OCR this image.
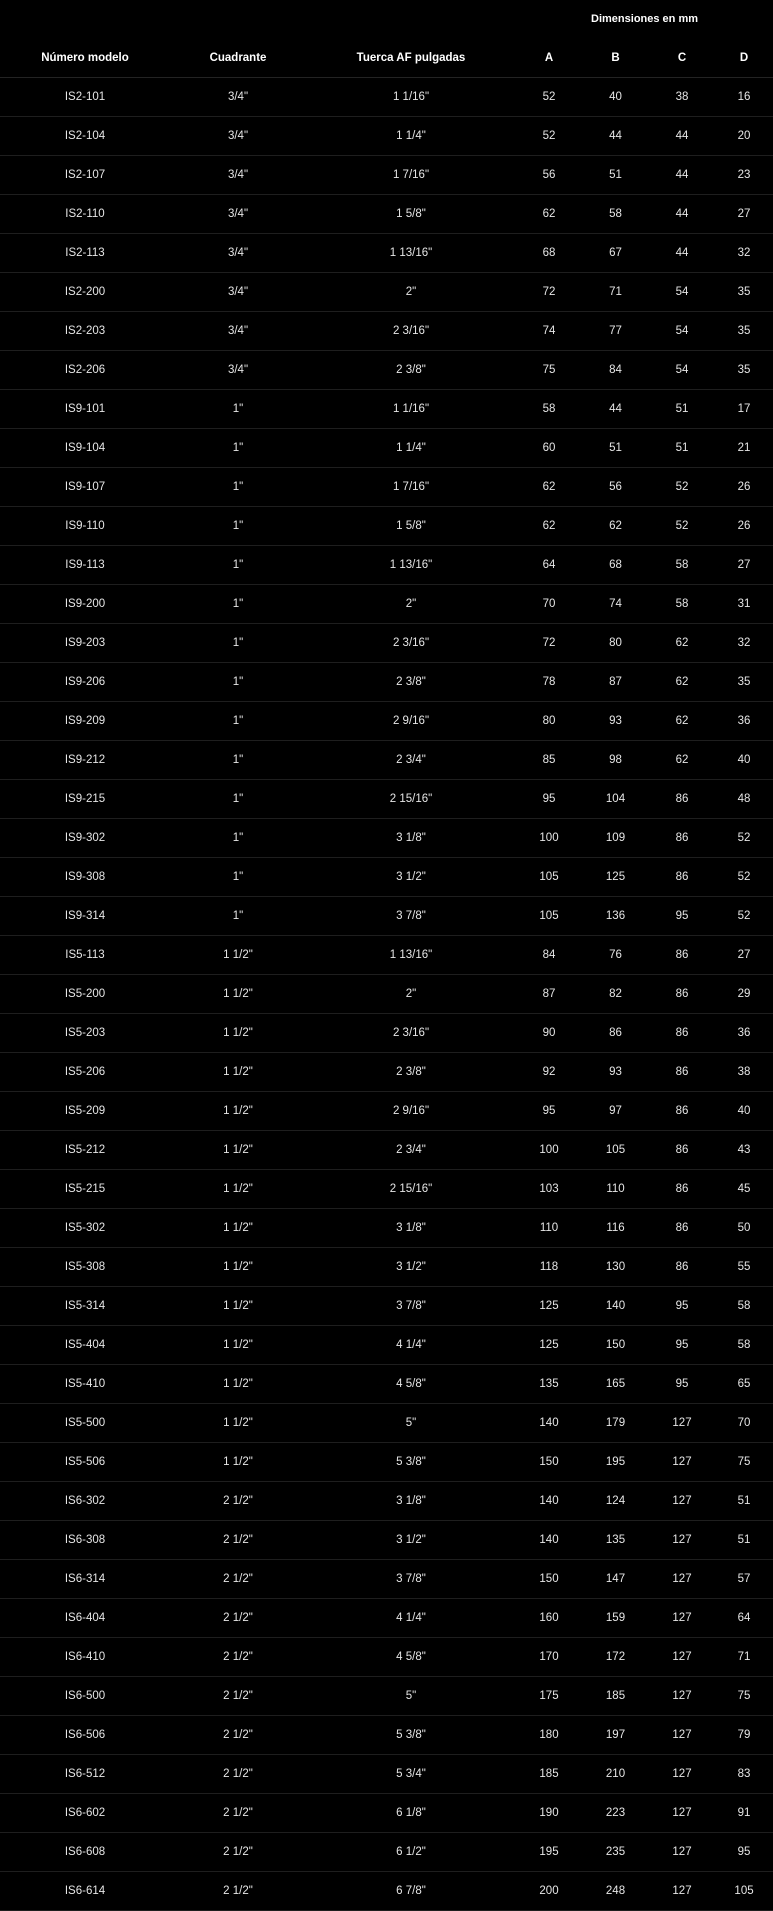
			Dimensiones en mm			
Número modelo	Cuadrante	Tuerca AF pulgadas	A	B	C	D
IS2-101	3/4"	1 1/16"	52	40	38	16
IS2-104	3/4"	1 1/4"	52	44	44	20
IS2-107	3/4"	1 7/16"	56	51	44	23
IS2-110	3/4"	1 5/8"	62	58	44	27
IS2-113	3/4"	1 13/16"	68	67	44	32
IS2-200	3/4"	2"	72	71	54	35
IS2-203	3/4"	2 3/16"	74	77	54	35
IS2-206	3/4"	2 3/8"	75	84	54	35
IS9-101	1"	1 1/16"	58	44	51	17
IS9-104	1"	1 1/4"	60	51	51	21
IS9-107	1"	1 7/16"	62	56	52	26
IS9-110	1"	1 5/8"	62	62	52	26
IS9-113	1"	1 13/16"	64	68	58	27
IS9-200	1"	2"	70	74	58	31
IS9-203	1"	2 3/16"	72	80	62	32
IS9-206	1"	2 3/8"	78	87	62	35
IS9-209	1"	2 9/16"	80	93	62	36
IS9-212	1"	2 3/4"	85	98	62	40
IS9-215	1"	2 15/16"	95	104	86	48
IS9-302	1"	3 1/8"	100	109	86	52
IS9-308	1"	3 1/2"	105	125	86	52
IS9-314	1"	3 7/8"	105	136	95	52
IS5-113	1 1/2"	1 13/16"	84	76	86	27
IS5-200	1 1/2"	2"	87	82	86	29
IS5-203	1 1/2"	2 3/16"	90	86	86	36
IS5-206	1 1/2"	2 3/8"	92	93	86	38
IS5-209	1 1/2"	2 9/16"	95	97	86	40
IS5-212	1 1/2"	2 3/4"	100	105	86	43
IS5-215	1 1/2"	2 15/16"	103	110	86	45
IS5-302	1 1/2"	3 1/8"	110	116	86	50
IS5-308	1 1/2"	3 1/2"	118	130	86	55
IS5-314	1 1/2"	3 7/8"	125	140	95	58
IS5-404	1 1/2"	4 1/4"	125	150	95	58
IS5-410	1 1/2"	4 5/8"	135	165	95	65
IS5-500	1 1/2"	5"	140	179	127	70
IS5-506	1 1/2"	5 3/8"	150	195	127	75
IS6-302	2 1/2"	3 1/8"	140	124	127	51
IS6-308	2 1/2"	3 1/2"	140	135	127	51
IS6-314	2 1/2"	3 7/8"	150	147	127	57
IS6-404	2 1/2"	4 1/4"	160	159	127	64
IS6-410	2 1/2"	4 5/8"	170	172	127	71
IS6-500	2 1/2"	5"	175	185	127	75
IS6-506	2 1/2"	5 3/8"	180	197	127	79
IS6-512	2 1/2"	5 3/4"	185	210	127	83
IS6-602	2 1/2"	6 1/8"	190	223	127	91
IS6-608	2 1/2"	6 1/2"	195	235	127	95
IS6-614	2 1/2"	6 7/8"	200	248	127	105
